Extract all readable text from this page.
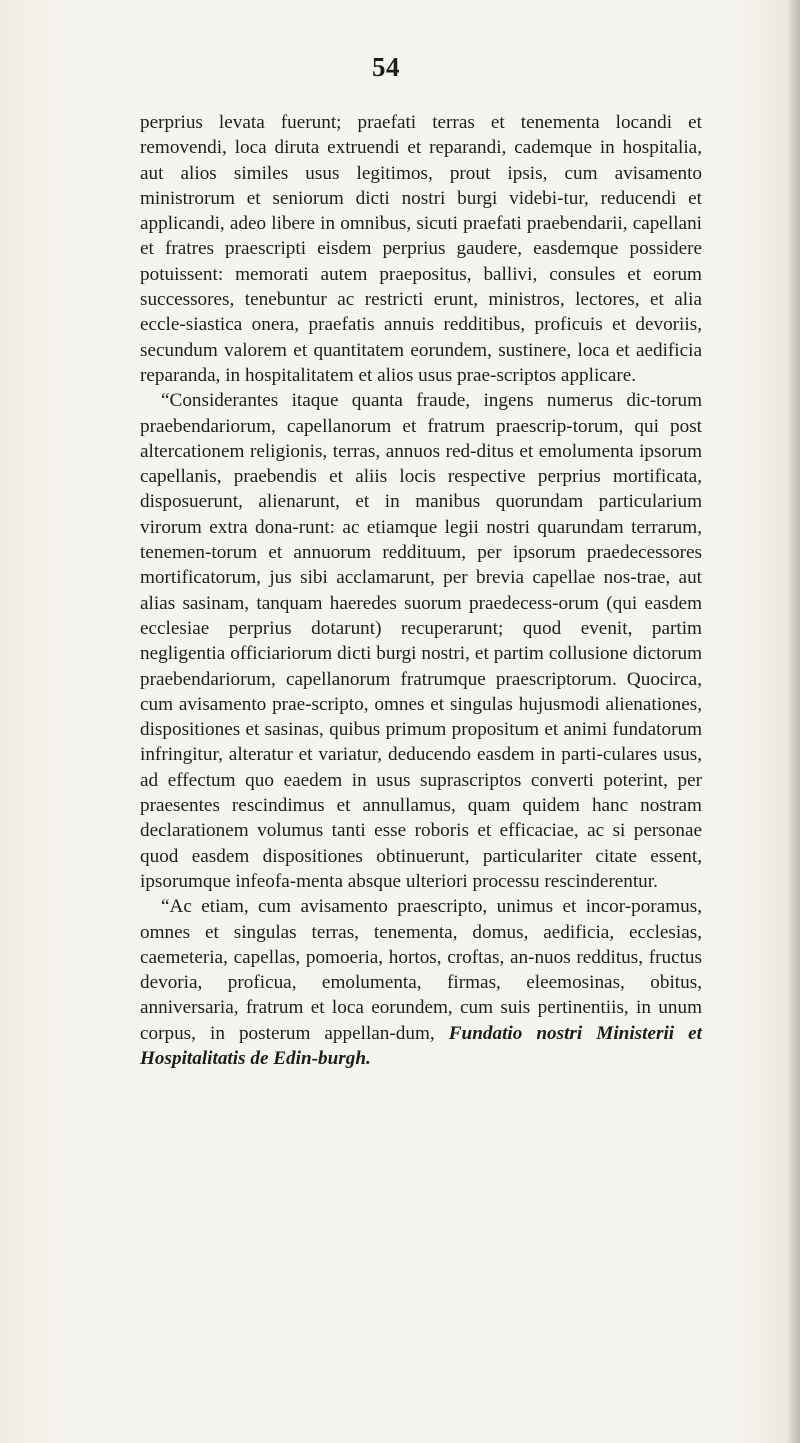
54

perprius levata fuerunt; praefati terras et tenementa locandi et removendi, loca diruta extruendi et reparandi, cademque in hospitalia, aut alios similes usus legitimos, prout ipsis, cum avisamento ministrorum et seniorum dicti nostri burgi videbi-tur, reducendi et applicandi, adeo libere in omnibus, sicuti praefati praebendarii, capellani et fratres praescripti eisdem perprius gaudere, easdemque possidere potuissent: memorati autem praepositus, ballivi, consules et eorum successores, tenebuntur ac restricti erunt, ministros, lectores, et alia eccle-siastica onera, praefatis annuis redditibus, proficuis et devoriis, secundum valorem et quantitatem eorundem, sustinere, loca et aedificia reparanda, in hospitalitatem et alios usus prae-scriptos applicare.

“Considerantes itaque quanta fraude, ingens numerus dic-torum praebendariorum, capellanorum et fratrum praescrip-torum, qui post altercationem religionis, terras, annuos red-ditus et emolumenta ipsorum capellanis, praebendis et aliis locis respective perprius mortificata, disposuerunt, alienarunt, et in manibus quorundam particularium virorum extra dona-runt: ac etiamque legii nostri quarundam terrarum, tenemen-torum et annuorum reddituum, per ipsorum praedecessores mortificatorum, jus sibi acclamarunt, per brevia capellae nos-trae, aut alias sasinam, tanquam haeredes suorum praedecess-orum (qui easdem ecclesiae perprius dotarunt) recuperarunt; quod evenit, partim negligentia officiariorum dicti burgi nostri, et partim collusione dictorum praebendariorum, capellanorum fratrumque praescriptorum. Quocirca, cum avisamento prae-scripto, omnes et singulas hujusmodi alienationes, dispositiones et sasinas, quibus primum propositum et animi fundatorum infringitur, alteratur et variatur, deducendo easdem in parti-culares usus, ad effectum quo eaedem in usus suprascriptos converti poterint, per praesentes rescindimus et annullamus, quam quidem hanc nostram declarationem volumus tanti esse roboris et efficaciae, ac si personae quod easdem dispositiones obtinuerunt, particulariter citate essent, ipsorumque infeofa-menta absque ulteriori processu rescinderentur.

“Ac etiam, cum avisamento praescripto, unimus et incor-poramus, omnes et singulas terras, tenementa, domus, aedificia, ecclesias, caemeteria, capellas, pomoeria, hortos, croftas, an-nuos redditus, fructus devoria, proficua, emolumenta, firmas, eleemosinas, obitus, anniversaria, fratrum et loca eorundem, cum suis pertinentiis, in unum corpus, in posterum appellan-dum, Fundatio nostri Ministerii et Hospitalitatis de Edin-burgh.
